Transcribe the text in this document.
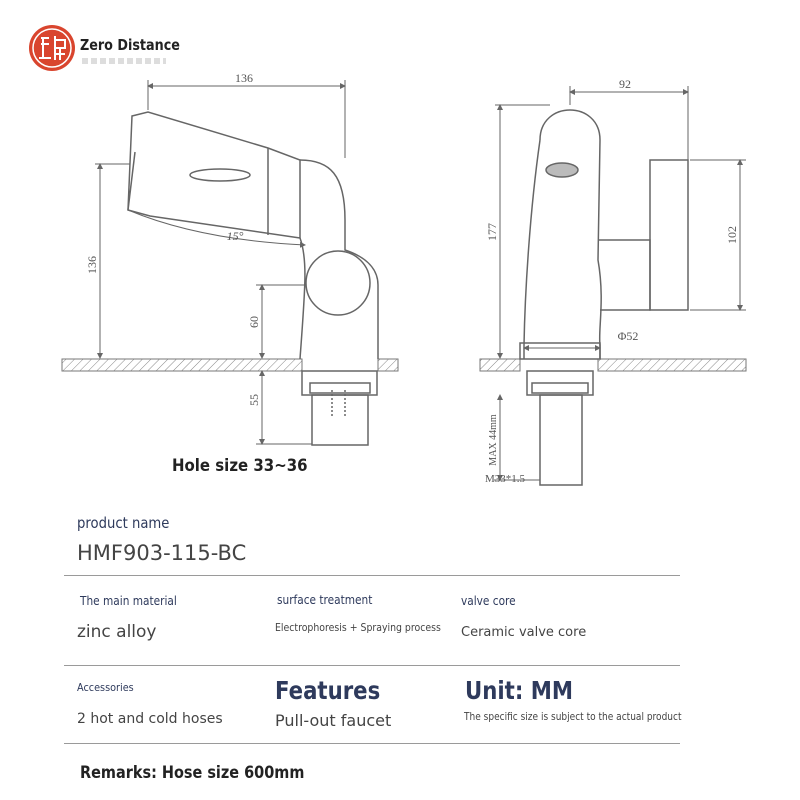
Zero Distance
136
136
15°
60
55
92
177	102
Φ52
MAX 44mm
M33*1.5
Hole size 33~36
product name
HMF903-115-BC
The main material
zinc alloy
surface treatment
Electrophoresis + Spraying process
valve core
Ceramic valve core
Accessories
2 hot and cold hoses
Features
Pull-out faucet
Unit: MM
The specific size is subject to the actual product
Remarks: Hose size 600mm
